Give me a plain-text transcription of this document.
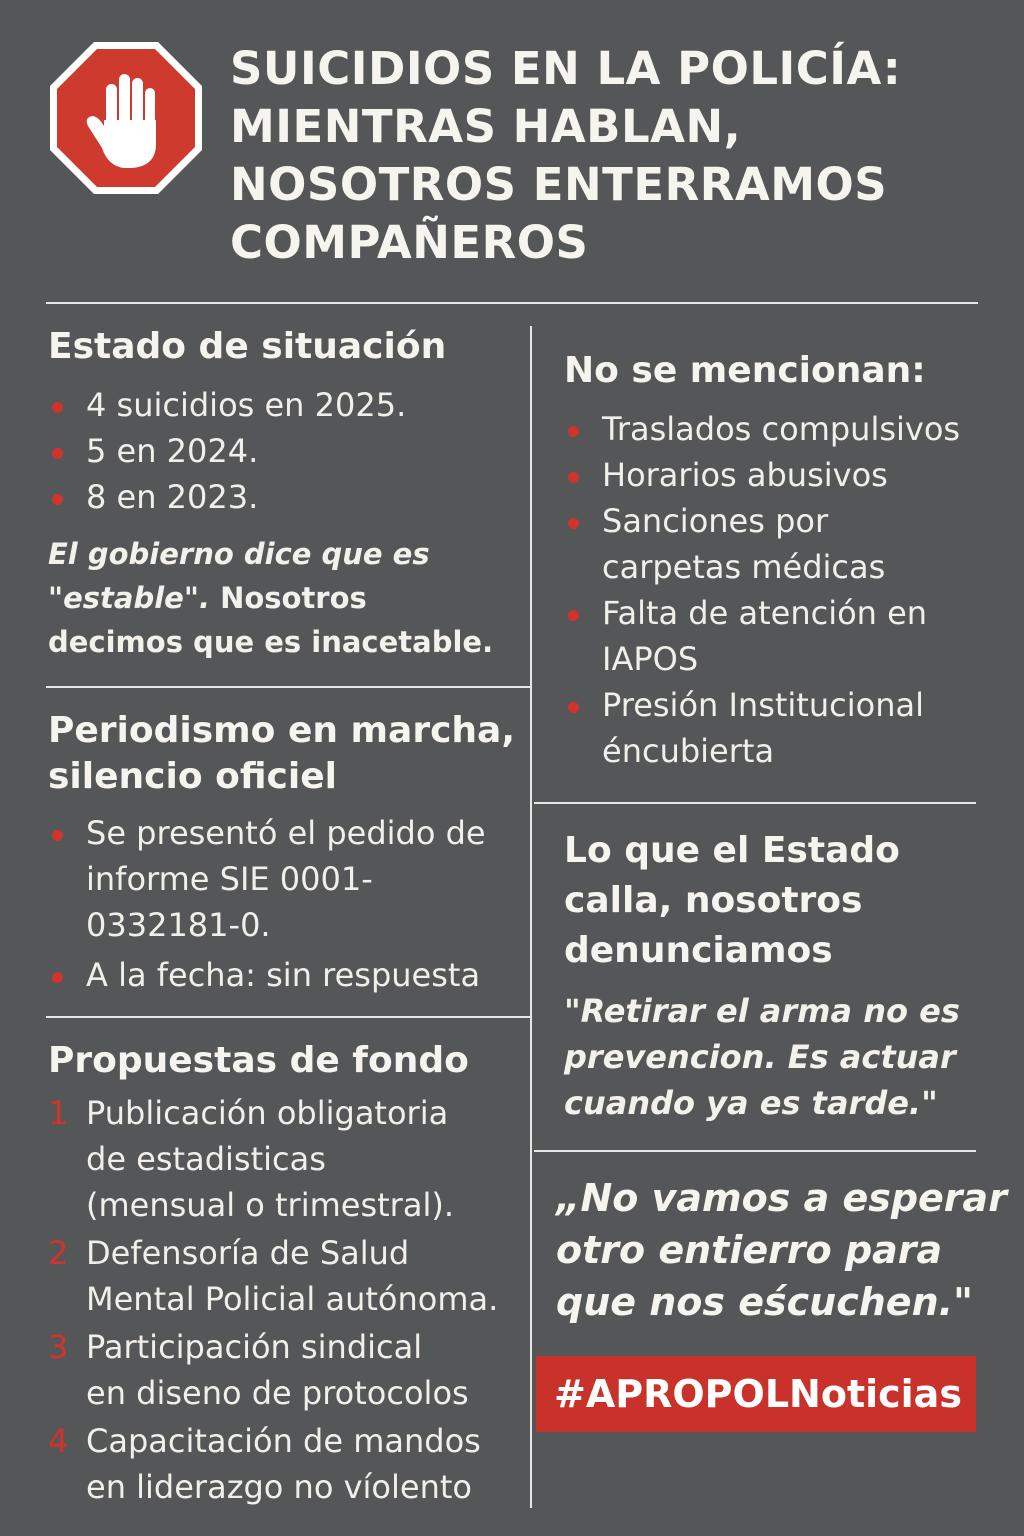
SUICIDIOS EN LA POLICÍA:
MIENTRAS HABLAN,
NOSOTROS ENTERRAMOS
COMPAÑEROS
Estado de situación
4 suicidios en 2025.
5 en 2024.
8 en 2023.
El gobierno dice que es
"estable". Nosotros
decimos que es inacetable.
Periodismo en marcha,
silencio oficiel
Se presentó el pedido de
informe SIE 0001-
0332181-0.
A la fecha: sin respuesta
Propuestas de fondo
1 Publicación obligatoria
de estadisticas
(mensual o trimestral).
2 Defensoría de Salud
Mental Policial autónoma.
3 Participación sindical
en diseno de protocolos
4 Capacitación de mandos
en liderazgo no víolento
No se mencionan:
Traslados compulsivos
Horarios abusivos
Sanciones por
carpetas médicas
Falta de atención en
IAPOS
Presión Institucional
éncubierta
Lo que el Estado
calla, nosotros
denunciamos
"Retirar el arma no es
prevencion. Es actuar
cuando ya es tarde."
„No vamos a esperar
otro entierro para
que nos eścuchen."
#APROPOLNoticias
